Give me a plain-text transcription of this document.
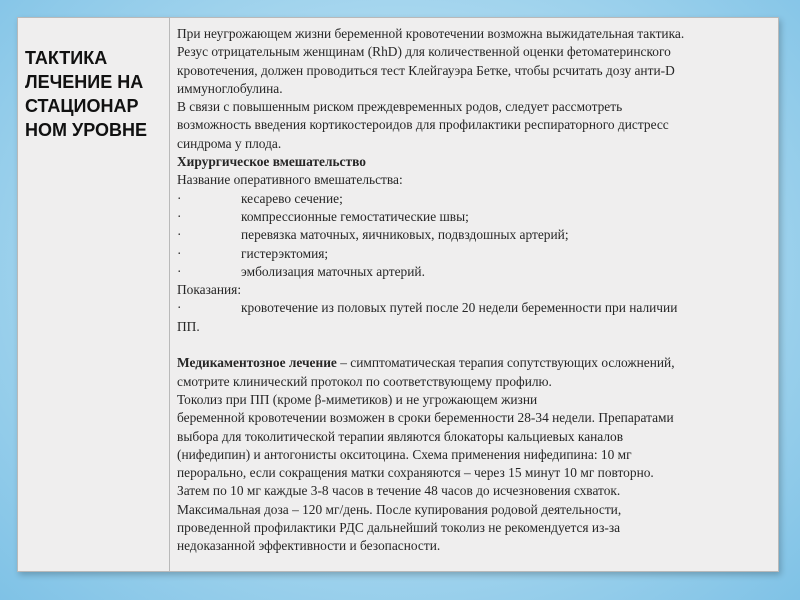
ТАКТИКА
ЛЕЧЕНИЕ НА
СТАЦИОНАР
НОМ УРОВНЕ
При неугрожающем жизни беременной кровотечении возможна выжидательная тактика.
Резус отрицательным женщинам (RhD) для количественной оценки фетоматеринского
кровотечения, должен проводиться тест Клейгауэра Бетке, чтобы рсчитать дозу анти-D
иммуноглобулина.
В связи с повышенным риском преждевременных родов, следует рассмотреть
возможность введения кортикостероидов для профилактики респираторного дистресс
синдрома у плода.
Хирургическое вмешательство
Название оперативного вмешательства:
·	кесарево сечение;
·	компрессионные гемостатические швы;
·	перевязка маточных, яичниковых, подвздошных артерий;
·	гистерэктомия;
·	эмболизация маточных артерий.
Показания:
·	кровотечение из половых путей после 20 недели беременности при наличии
ПП.
Медикаментозное лечение – симптоматическая терапия сопутствующих осложнений,
смотрите клинический протокол по соответствующему профилю.
Токолиз при ПП (кроме β-миметиков) и не угрожающем жизни
беременной кровотечении возможен в сроки беременности 28-34 недели. Препаратами
выбора для токолитической терапии являются блокаторы кальциевых каналов
(нифедипин) и антогонисты окситоцина. Схема применения нифедипина: 10 мг
перорально, если сокращения матки сохраняются – через 15 минут 10 мг повторно.
Затем по 10 мг каждые 3-8 часов в течение 48 часов до исчезновения схваток.
Максимальная доза – 120 мг/день. После купирования родовой деятельности,
проведенной профилактики РДС дальнейший токолиз не рекомендуется из-за
недоказанной эффективности и безопасности.
